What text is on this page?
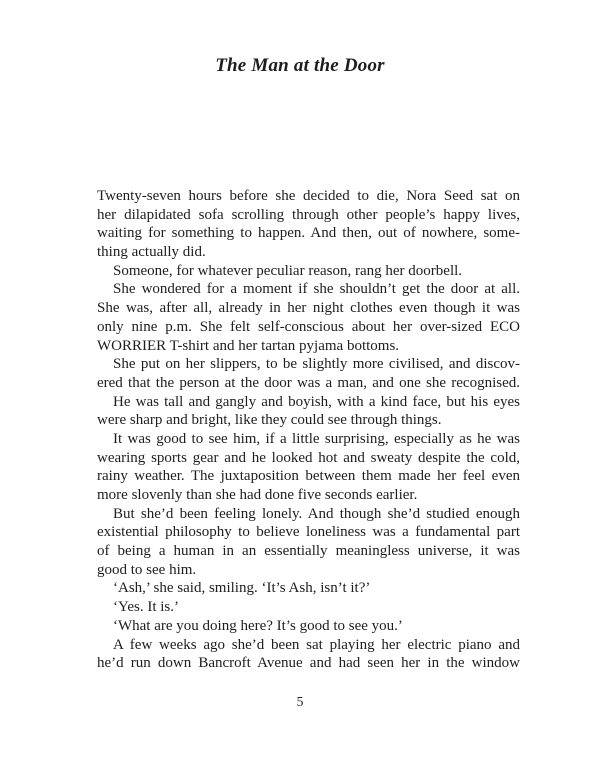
The Man at the Door
Twenty-seven hours before she decided to die, Nora Seed sat on
her dilapidated sofa scrolling through other people’s happy lives,
waiting for something to happen. And then, out of nowhere, some-
thing actually did.
Someone, for whatever peculiar reason, rang her doorbell.
She wondered for a moment if she shouldn’t get the door at all.
She was, after all, already in her night clothes even though it was
only nine p.m. She felt self-conscious about her over-sized ECO
WORRIER T-shirt and her tartan pyjama bottoms.
She put on her slippers, to be slightly more civilised, and discov-
ered that the person at the door was a man, and one she recognised.
He was tall and gangly and boyish, with a kind face, but his eyes
were sharp and bright, like they could see through things.
It was good to see him, if a little surprising, especially as he was
wearing sports gear and he looked hot and sweaty despite the cold,
rainy weather. The juxtaposition between them made her feel even
more slovenly than she had done five seconds earlier.
But she’d been feeling lonely. And though she’d studied enough
existential philosophy to believe loneliness was a fundamental part
of being a human in an essentially meaningless universe, it was
good to see him.
‘Ash,’ she said, smiling. ‘It’s Ash, isn’t it?’
‘Yes. It is.’
‘What are you doing here? It’s good to see you.’
A few weeks ago she’d been sat playing her electric piano and
he’d run down Bancroft Avenue and had seen her in the window
5
